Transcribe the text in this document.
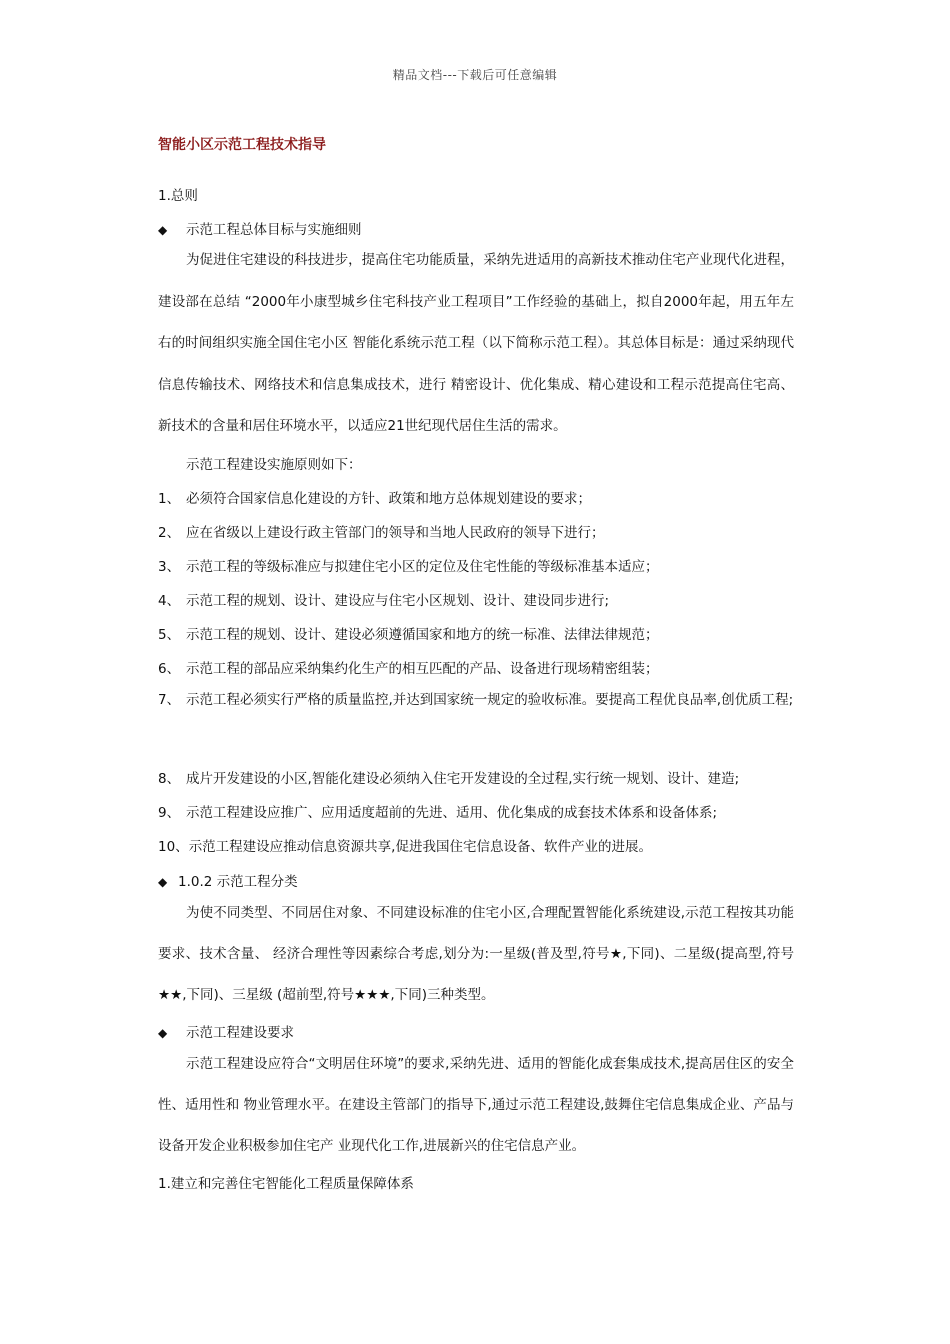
精品文档---下载后可任意编辑
智能小区示范工程技术指导
1.总则
◆ 示范工程总体目标与实施细则
为促进住宅建设的科技进步，提高住宅功能质量，采纳先进适用的高新技术推动住宅产业现代化进程，建设部在总结 “2000年小康型城乡住宅科技产业工程项目”工作经验的基础上，拟自2000年起，用五年左右的时间组织实施全国住宅小区 智能化系统示范工程（以下简称示范工程）。其总体目标是：通过采纳现代信息传输技术、网络技术和信息集成技术，进行 精密设计、优化集成、精心建设和工程示范提高住宅高、新技术的含量和居住环境水平，以适应21世纪现代居住生活的需求。
示范工程建设实施原则如下：
1、 必须符合国家信息化建设的方针、政策和地方总体规划建设的要求；
2、 应在省级以上建设行政主管部门的领导和当地人民政府的领导下进行；
3、 示范工程的等级标准应与拟建住宅小区的定位及住宅性能的等级标准基本适应；
4、 示范工程的规划、设计、建设应与住宅小区规划、设计、建设同步进行;
5、 示范工程的规划、设计、建设必须遵循国家和地方的统一标准、法律法律规范；
6、 示范工程的部品应采纳集约化生产的相互匹配的产品、设备进行现场精密组装；
7、 示范工程必须实行严格的质量监控,并达到国家统一规定的验收标准。要提高工程优良品率,创优质工程;
8、 成片开发建设的小区,智能化建设必须纳入住宅开发建设的全过程,实行统一规划、设计、建造;
9、 示范工程建设应推广、应用适度超前的先进、适用、优化集成的成套技术体系和设备体系;
10、示范工程建设应推动信息资源共享,促进我国住宅信息设备、软件产业的进展。
◆ 1.0.2 示范工程分类
为使不同类型、不同居住对象、不同建设标准的住宅小区,合理配置智能化系统建设,示范工程按其功能要求、技术含量、 经济合理性等因素综合考虑,划分为:一星级(普及型,符号★,下同)、二星级(提高型,符号★★,下同)、三星级 (超前型,符号★★★,下同)三种类型。
◆ 示范工程建设要求
示范工程建设应符合“文明居住环境”的要求,采纳先进、适用的智能化成套集成技术,提高居住区的安全性、适用性和 物业管理水平。在建设主管部门的指导下,通过示范工程建设,鼓舞住宅信息集成企业、产品与设备开发企业积极参加住宅产 业现代化工作,进展新兴的住宅信息产业。
1.建立和完善住宅智能化工程质量保障体系
